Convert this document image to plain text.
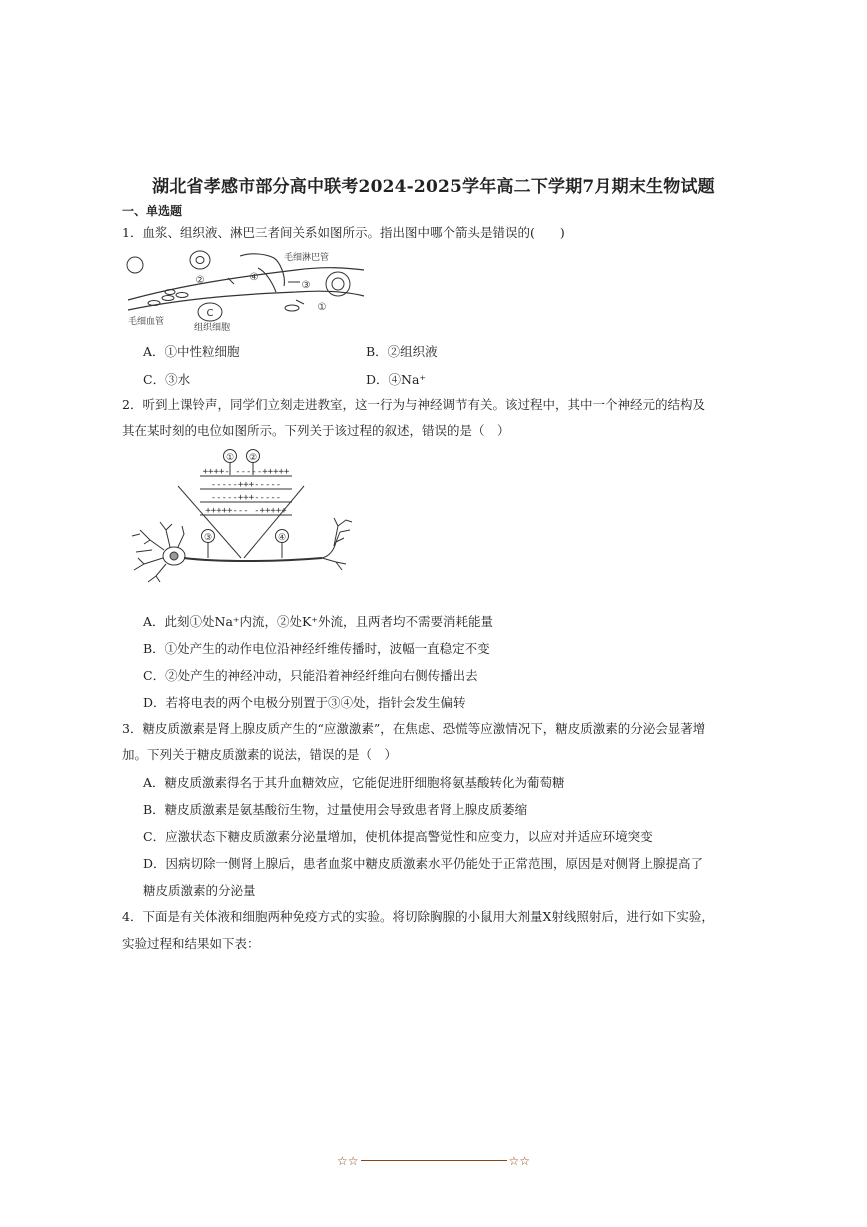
湖北省孝感市部分高中联考2024-2025学年高二下学期7月期末生物试题
一、单选题
1．血浆、组织液、淋巴三者间关系如图所示。指出图中哪个箭头是错误的(　　)
C
②	④
③
①
毛细淋巴管
毛细血管
组织细胞
A．①中性粒细胞	B．②组织液
C．③水	D．④Na⁺
2．听到上课铃声，同学们立刻走进教室，这一行为与神经调节有关。该过程中，其中一个神经元的结构及
其在某时刻的电位如图所示。下列关于该过程的叙述，错误的是（　）
++++- -----+++++
-----+++-----
-----+++-----
+++++--- -+++++
① ②
③	④
A．此刻①处Na⁺内流，②处K⁺外流，且两者均不需要消耗能量
B．①处产生的动作电位沿神经纤维传播时，波幅一直稳定不变
C．②处产生的神经冲动，只能沿着神经纤维向右侧传播出去
D．若将电表的两个电极分别置于③④处，指针会发生偏转
3．糖皮质激素是肾上腺皮质产生的“应激激素”，在焦虑、恐慌等应激情况下，糖皮质激素的分泌会显著增
加。下列关于糖皮质激素的说法，错误的是（　）
A．糖皮质激素得名于其升血糖效应，它能促进肝细胞将氨基酸转化为葡萄糖
B．糖皮质激素是氨基酸衍生物，过量使用会导致患者肾上腺皮质萎缩
C．应激状态下糖皮质激素分泌量增加，使机体提高警觉性和应变力，以应对并适应环境突变
D．因病切除一侧肾上腺后，患者血浆中糖皮质激素水平仍能处于正常范围，原因是对侧肾上腺提高了
糖皮质激素的分泌量
4．下面是有关体液和细胞两种免疫方式的实验。将切除胸腺的小鼠用大剂量X射线照射后，进行如下实验，
实验过程和结果如下表：
☆☆	☆☆
